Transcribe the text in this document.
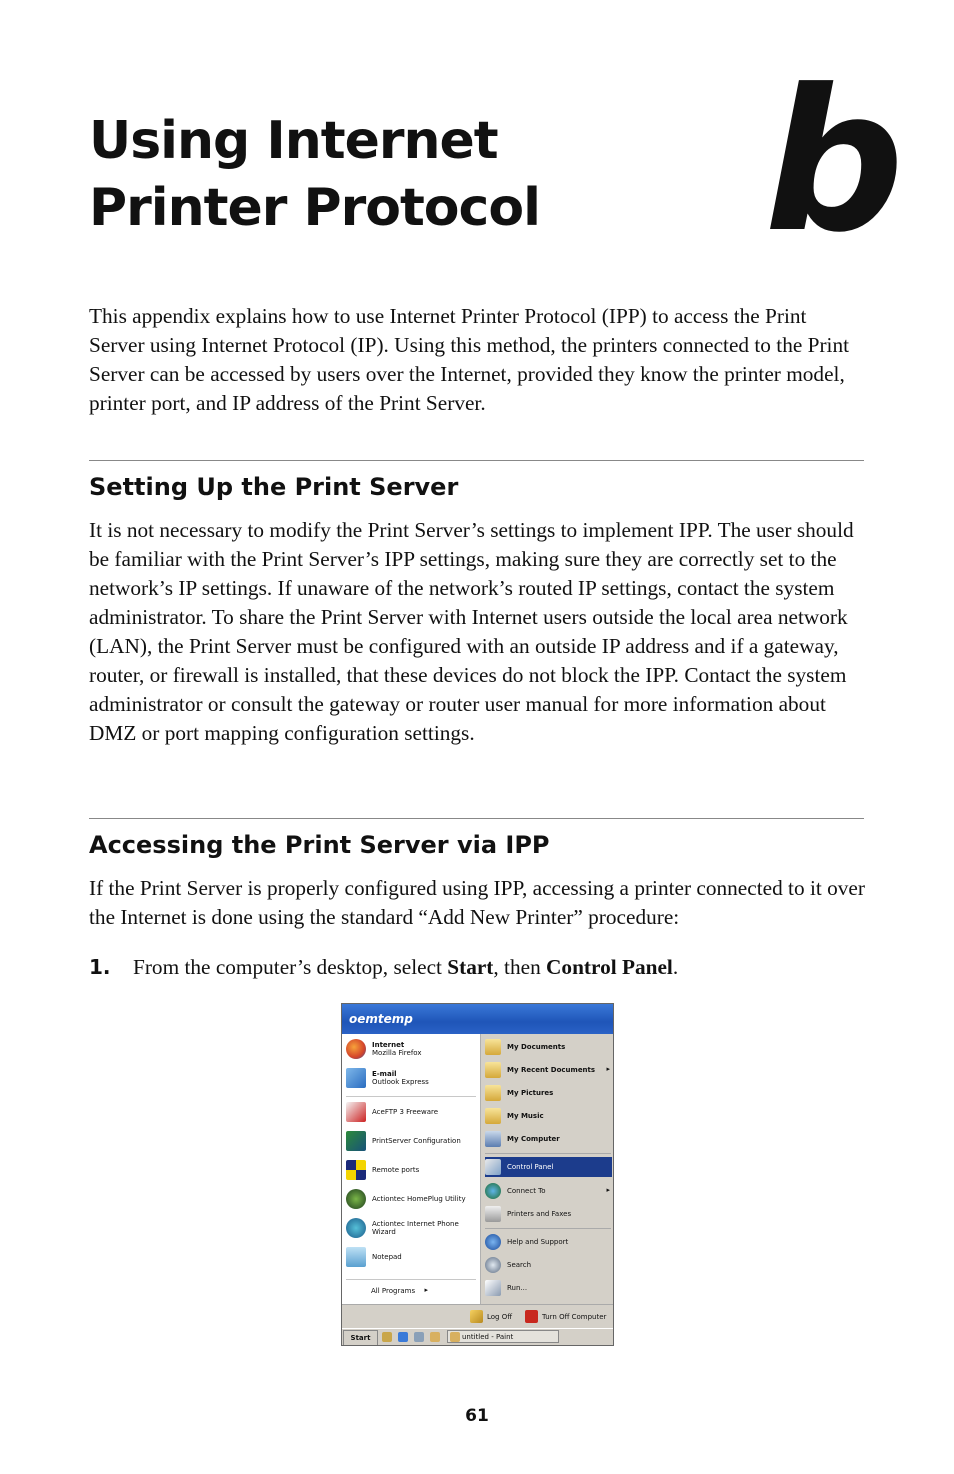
Using Internet
Printer Protocol b

This appendix explains how to use Internet Printer Protocol (IPP) to access the Print Server using Internet Protocol (IP). Using this method, the printers connected to the Print Server can be accessed by users over the Internet, provided they know the printer model, printer port, and IP address of the Print Server.

Setting Up the Print Server

It is not necessary to modify the Print Server’s settings to implement IPP. The user should be familiar with the Print Server’s IPP settings, making sure they are correctly set to the network’s IP settings. If unaware of the network’s routed IP settings, contact the system administrator. To share the Print Server with Internet users outside the local area network (LAN), the Print Server must be configured with an outside IP address and if a gateway, router, or firewall is installed, that these devices do not block the IPP. Contact the system administrator or consult the gateway or router user manual for more information about DMZ or port mapping configuration settings.

Accessing the Print Server via IPP

If the Print Server is properly configured using IPP, accessing a printer connected to it over the Internet is done using the standard “Add New Printer” procedure:

1. From the computer’s desktop, select Start, then Control Panel.
oemtemp
Internet
Mozilla Firefox
E-mail
Outlook Express
AceFTP 3 Freeware
PrintServer Configuration
Remote ports
Actiontec HomePlug Utility
Actiontec Internet Phone Wizard
Notepad
All Programs ▸
My Documents
My Recent Documents ▸
My Pictures
My Music
My Computer
Control Panel
Connect To	▸
Printers and Faxes
Help and Support
Search
Run...
Log Off	Turn Off Computer
Start	untitled - Paint
61
